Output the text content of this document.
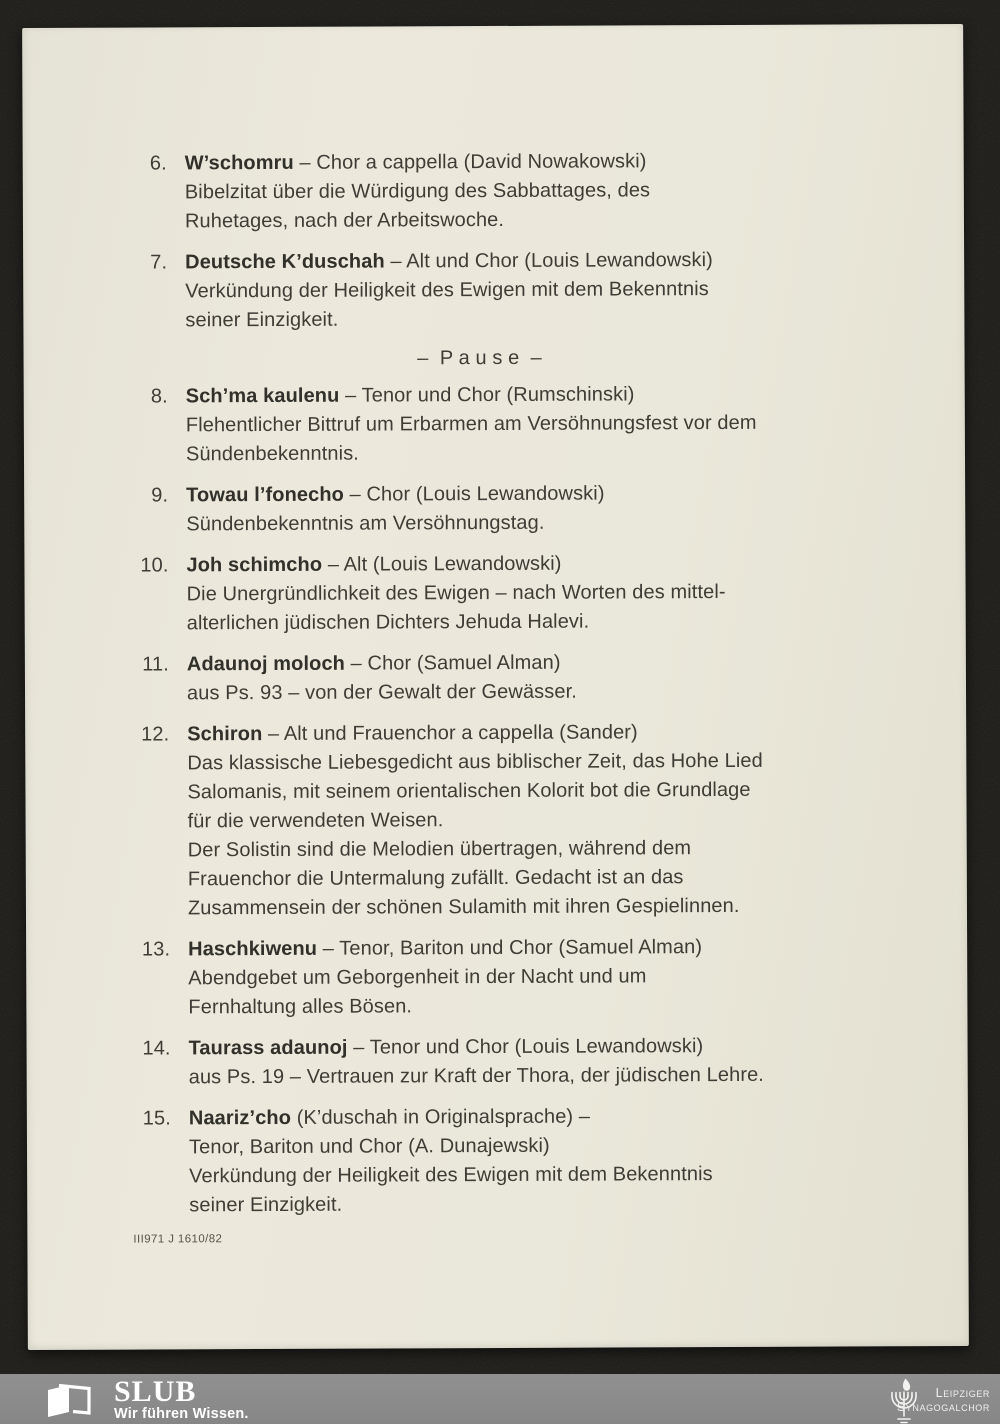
6. W’schomru – Chor a cappella (David Nowakowski)
Bibelzitat über die Würdigung des Sabbattages, des
Ruhetages, nach der Arbeitswoche.
7. Deutsche K’duschah – Alt und Chor (Louis Lewandowski)
Verkündung der Heiligkeit des Ewigen mit dem Bekenntnis
seiner Einzigkeit.
–  P a u s e  –
8. Sch’ma kaulenu – Tenor und Chor (Rumschinski)
Flehentlicher Bittruf um Erbarmen am Versöhnungsfest vor dem
Sündenbekenntnis.
9. Towau l’fonecho – Chor (Louis Lewandowski)
Sündenbekenntnis am Versöhnungstag.
10. Joh schimcho – Alt (Louis Lewandowski)
Die Unergründlichkeit des Ewigen – nach Worten des mittel-
alterlichen jüdischen Dichters Jehuda Halevi.
11. Adaunoj moloch – Chor (Samuel Alman)
aus Ps. 93 – von der Gewalt der Gewässer.
12. Schiron – Alt und Frauenchor a cappella (Sander)
Das klassische Liebesgedicht aus biblischer Zeit, das Hohe Lied
Salomanis, mit seinem orientalischen Kolorit bot die Grundlage
für die verwendeten Weisen.
Der Solistin sind die Melodien übertragen, während dem
Frauenchor die Untermalung zufällt. Gedacht ist an das
Zusammensein der schönen Sulamith mit ihren Gespielinnen.
13. Haschkiwenu – Tenor, Bariton und Chor (Samuel Alman)
Abendgebet um Geborgenheit in der Nacht und um
Fernhaltung alles Bösen.
14. Taurass adaunoj – Tenor und Chor (Louis Lewandowski)
aus Ps. 19 – Vertrauen zur Kraft der Thora, der jüdischen Lehre.
15. Naariz’cho (K’duschah in Originalsprache) –
Tenor, Bariton und Chor (A. Dunajewski)
Verkündung der Heiligkeit des Ewigen mit dem Bekenntnis
seiner Einzigkeit.
III971 J 1610/82
SLUB
Wir führen Wissen.
Leipziger
Synagogalchor
